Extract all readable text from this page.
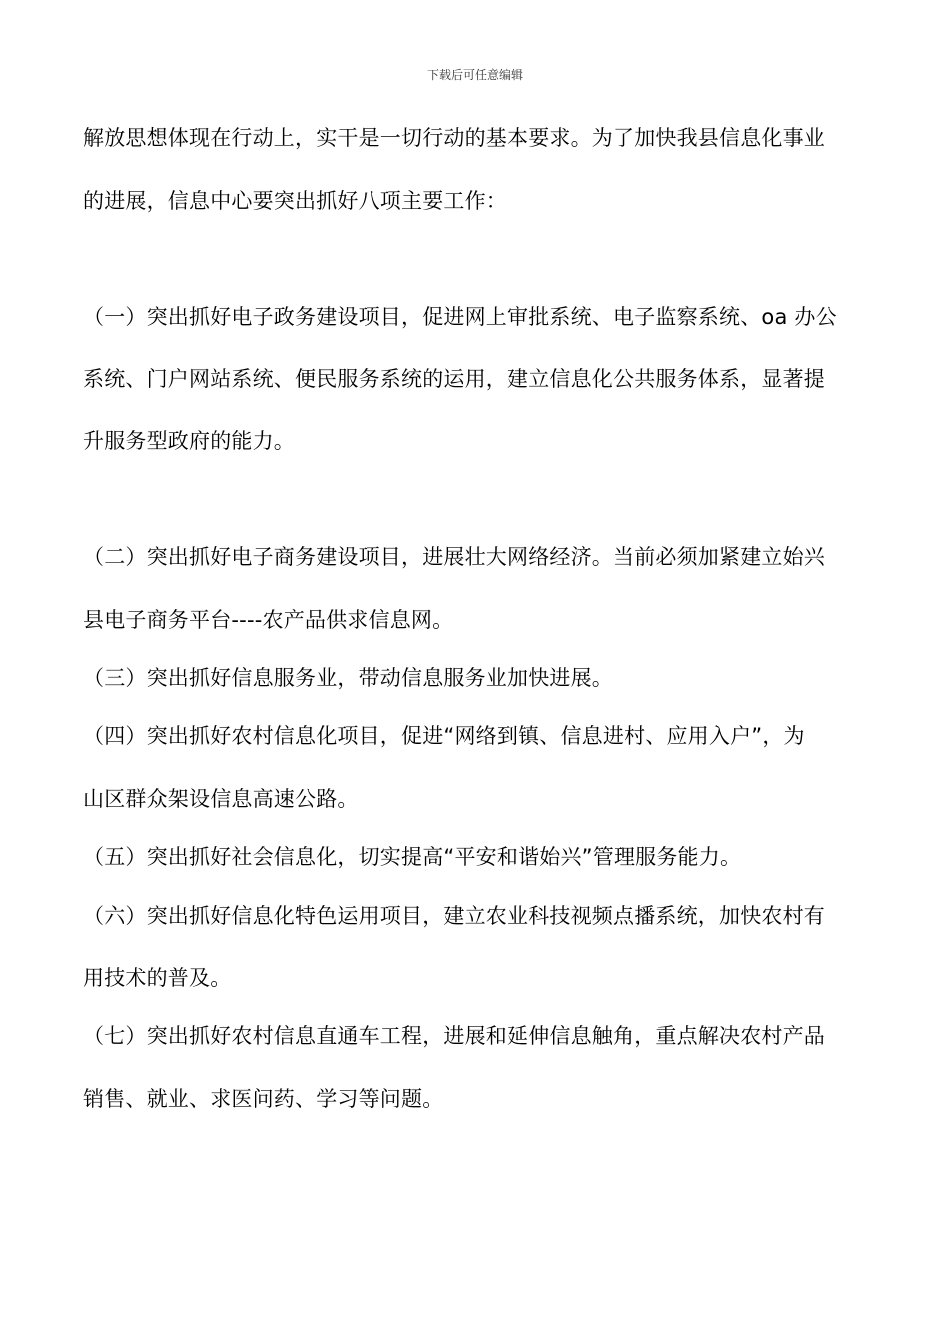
下载后可任意编辑
解放思想体现在行动上，实干是一切行动的基本要求。为了加快我县信息化事业
的进展，信息中心要突出抓好八项主要工作：
（一）突出抓好电子政务建设项目，促进网上审批系统、电子监察系统、oa 办公
系统、门户网站系统、便民服务系统的运用，建立信息化公共服务体系，显著提
升服务型政府的能力。
（二）突出抓好电子商务建设项目，进展壮大网络经济。当前必须加紧建立始兴
县电子商务平台----农产品供求信息网。
（三）突出抓好信息服务业，带动信息服务业加快进展。
（四）突出抓好农村信息化项目，促进“网络到镇、信息进村、应用入户”，为
山区群众架设信息高速公路。
（五）突出抓好社会信息化，切实提高“平安和谐始兴”管理服务能力。
（六）突出抓好信息化特色运用项目，建立农业科技视频点播系统，加快农村有
用技术的普及。
（七）突出抓好农村信息直通车工程，进展和延伸信息触角，重点解决农村产品
销售、就业、求医问药、学习等问题。
